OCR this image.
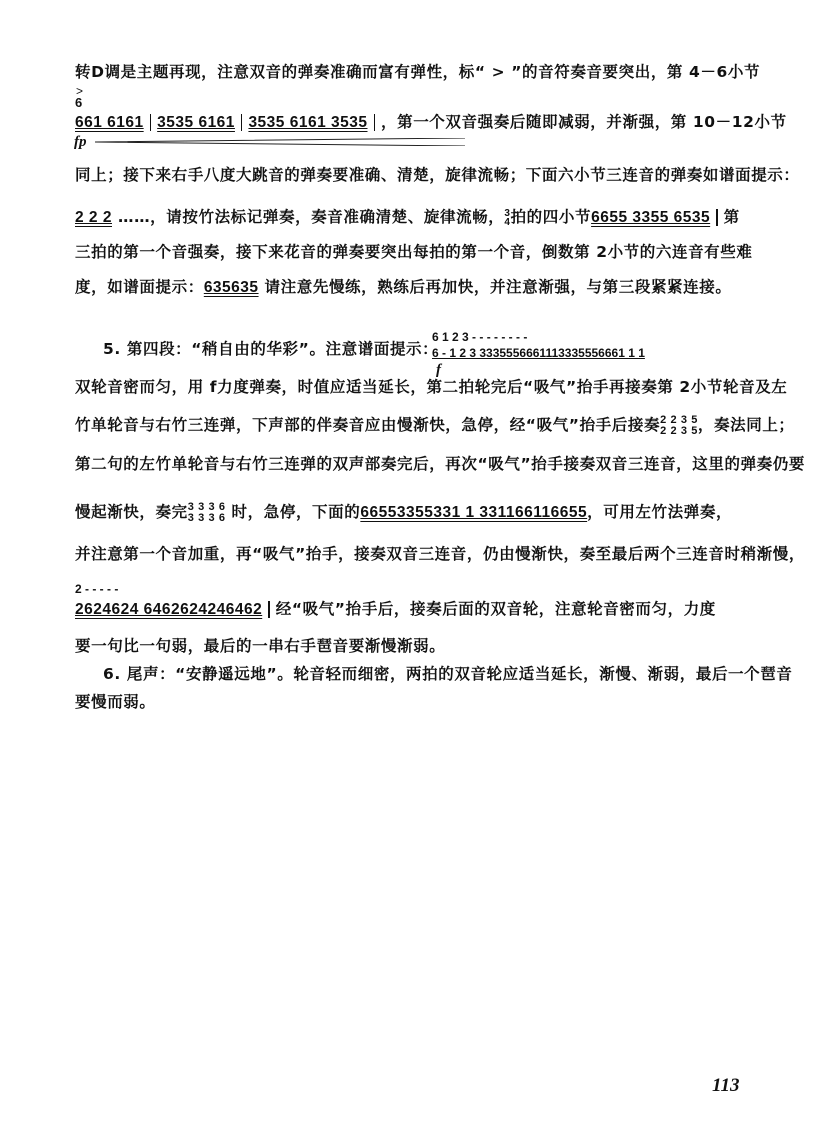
转D调是主题再现，注意双音的弹奏准确而富有弹性，标“ > ”的音符奏音要突出，第 4－6小节
>
6
661 6161 3535 6161 3535 6161 3535 ，第一个双音强奏后随即减弱，并渐强，第 10－12小节
fp
同上；接下来右手八度大跳音的弹奏要准确、清楚，旋律流畅；下面六小节三连音的弹奏如谱面提示：
2 2 2 ……，请按竹法标记弹奏，奏音准确清楚、旋律流畅，3
4拍的四小节6655 3355 6535 第
三拍的第一个音强奏，接下来花音的弹奏要突出每拍的第一个音，倒数第 2小节的六连音有些难
度，如谱面提示：635635 请注意先慢练，熟练后再加快，并注意渐强，与第三段紧紧连接。
5. 第四段：“稍自由的华彩”。注意谱面提示：
6 1 2 3 - - - - - - - -
6 - 1 2 3 3335556661113335556661 1 1
f
双轮音密而匀，用 f力度弹奏，时值应适当延长，第二拍轮完后“吸气”抬手再接奏第 2小节轮音及左
竹单轮音与右竹三连弹，下声部的伴奏音应由慢渐快，急停，经“吸气”抬手后接奏2 2 3 5
2 2 3 5，奏法同上；
第二句的左竹单轮音与右竹三连弹的双声部奏完后，再次“吸气”抬手接奏双音三连音，这里的弹奏仍要
慢起渐快，奏完3 3 3 6
3 3 3 6 时，急停，下面的66553355331 1 331166116655，可用左竹法弹奏，
并注意第一个音加重，再“吸气”抬手，接奏双音三连音，仍由慢渐快，奏至最后两个三连音时稍渐慢，
2 - - - - -
2624624 6462624246462 经“吸气”抬手后，接奏后面的双音轮，注意轮音密而匀，力度
要一句比一句弱，最后的一串右手琶音要渐慢渐弱。
6. 尾声：“安静遥远地”。轮音轻而细密，两拍的双音轮应适当延长，渐慢、渐弱，最后一个琶音
要慢而弱。
113
